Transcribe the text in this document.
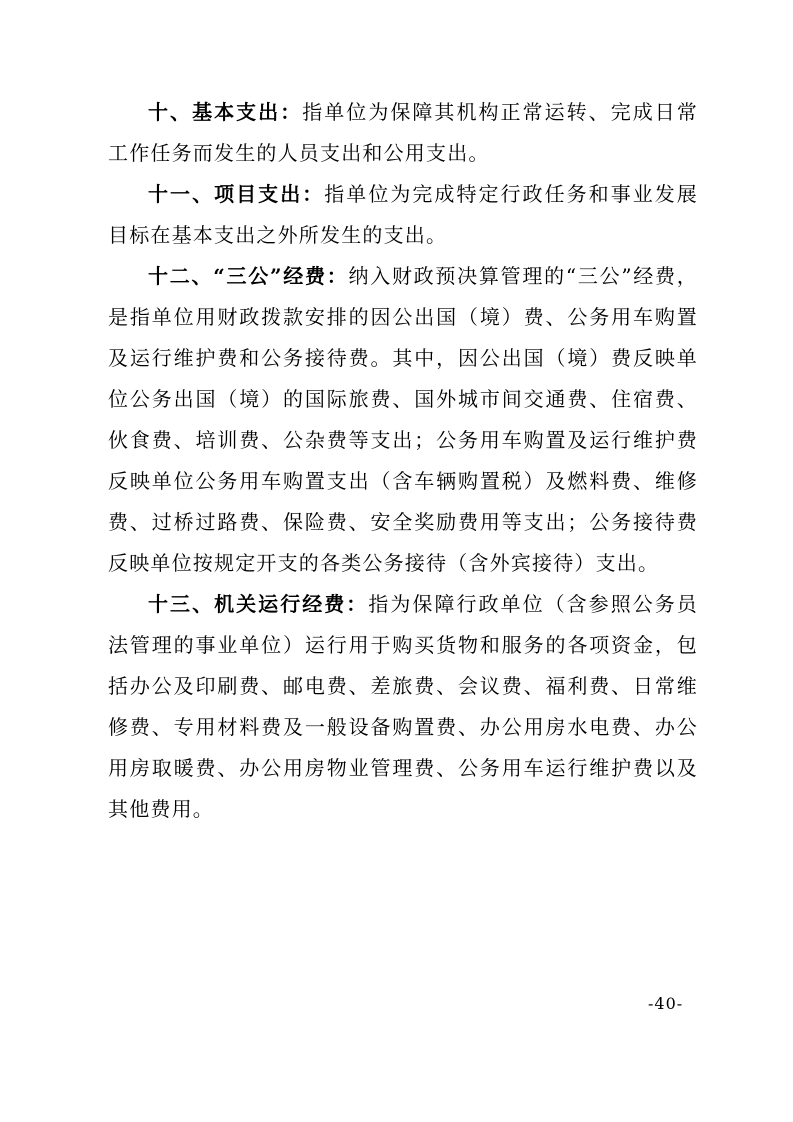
十、基本支出：指单位为保障其机构正常运转、完成日常工作任务而发生的人员支出和公用支出。

十一、项目支出：指单位为完成特定行政任务和事业发展目标在基本支出之外所发生的支出。

十二、“三公”经费：纳入财政预决算管理的“三公”经费，是指单位用财政拨款安排的因公出国（境）费、公务用车购置及运行维护费和公务接待费。其中，因公出国（境）费反映单位公务出国（境）的国际旅费、国外城市间交通费、住宿费、伙食费、培训费、公杂费等支出；公务用车购置及运行维护费反映单位公务用车购置支出（含车辆购置税）及燃料费、维修费、过桥过路费、保险费、安全奖励费用等支出；公务接待费反映单位按规定开支的各类公务接待（含外宾接待）支出。

十三、机关运行经费：指为保障行政单位（含参照公务员法管理的事业单位）运行用于购买货物和服务的各项资金，包括办公及印刷费、邮电费、差旅费、会议费、福利费、日常维修费、专用材料费及一般设备购置费、办公用房水电费、办公用房取暖费、办公用房物业管理费、公务用车运行维护费以及其他费用。

-40-
